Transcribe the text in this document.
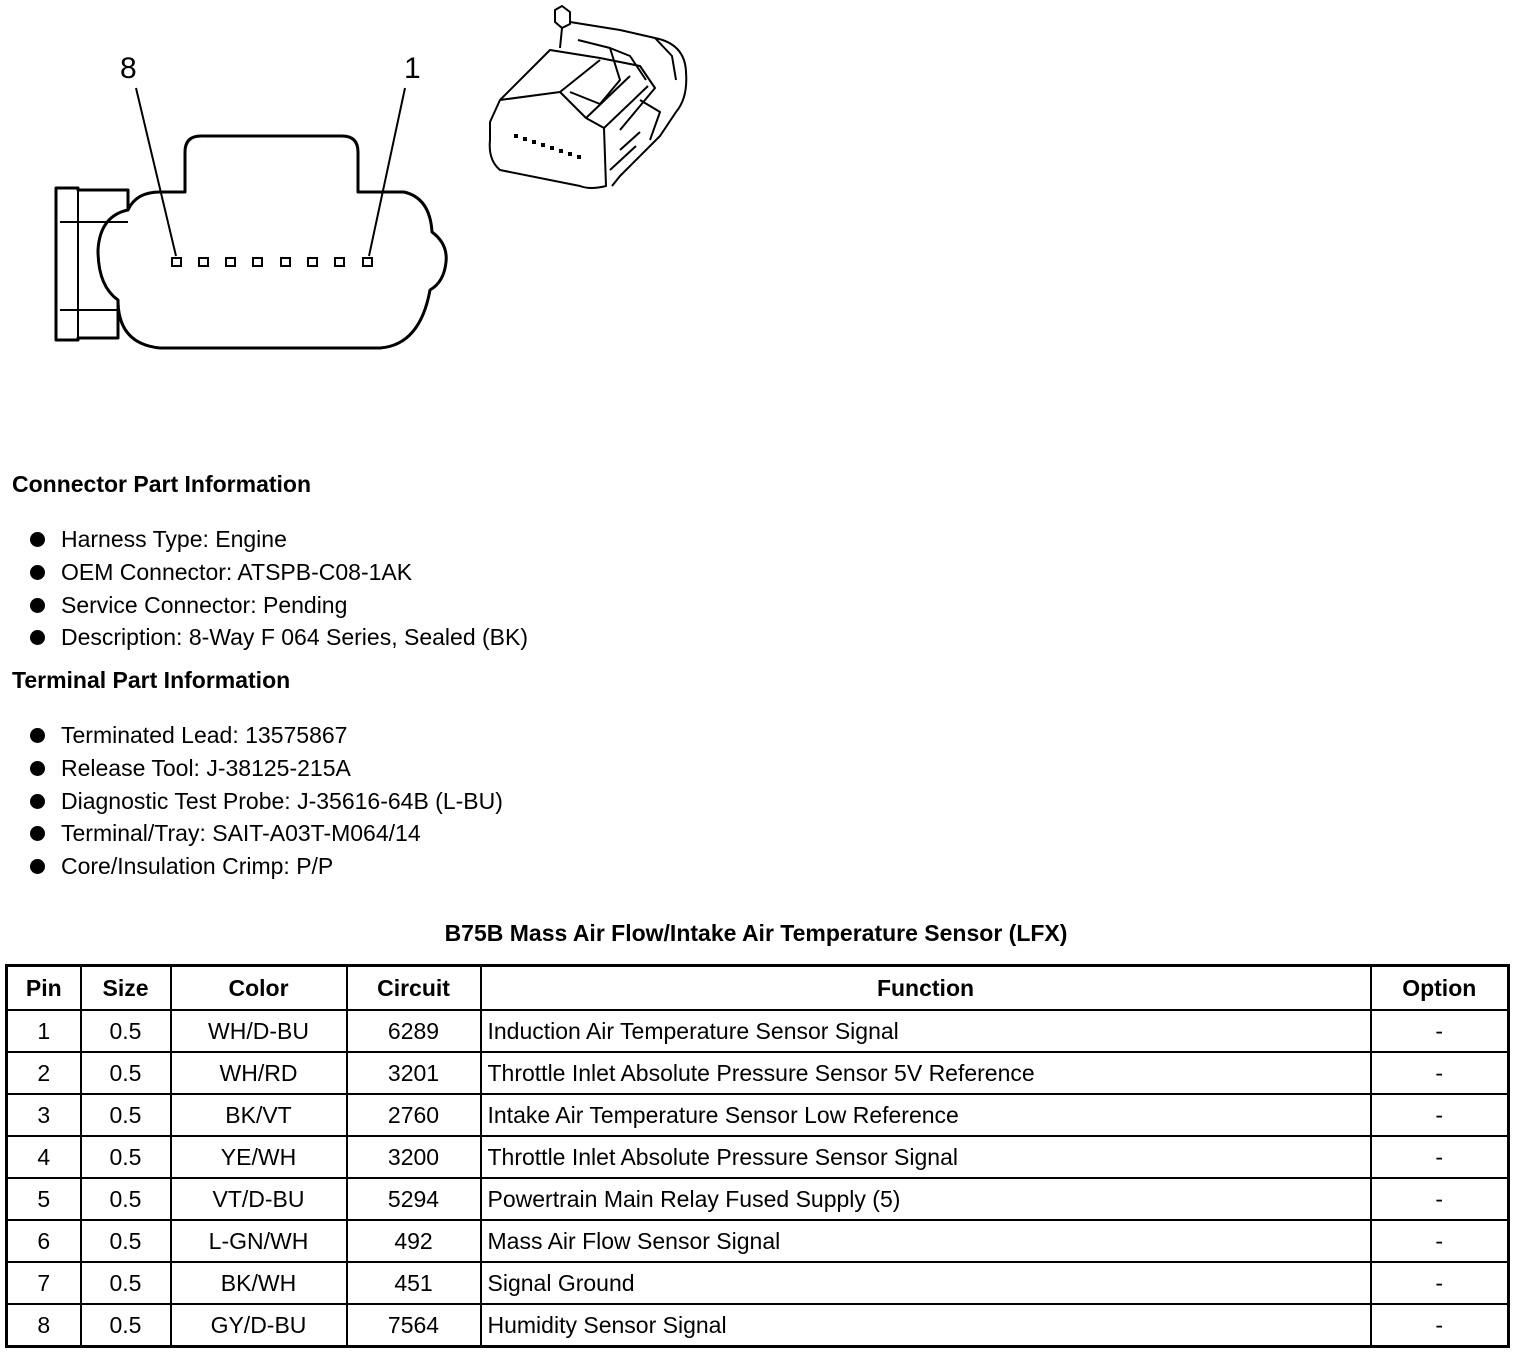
8	1
Connector Part Information
Harness Type: Engine
OEM Connector: ATSPB-C08-1AK
Service Connector: Pending
Description: 8-Way F 064 Series, Sealed (BK)
Terminal Part Information
Terminated Lead: 13575867
Release Tool: J-38125-215A
Diagnostic Test Probe: J-35616-64B (L-BU)
Terminal/Tray: SAIT-A03T-M064/14
Core/Insulation Crimp: P/P
B75B Mass Air Flow/Intake Air Temperature Sensor (LFX)
Pin	Size	Color	Circuit	Function	Option
1	0.5	WH/D-BU	6289	Induction Air Temperature Sensor Signal	-
2	0.5	WH/RD	3201	Throttle Inlet Absolute Pressure Sensor 5V Reference	-
3	0.5	BK/VT	2760	Intake Air Temperature Sensor Low Reference	-
4	0.5	YE/WH	3200	Throttle Inlet Absolute Pressure Sensor Signal	-
5	0.5	VT/D-BU	5294	Powertrain Main Relay Fused Supply (5)	-
6	0.5	L-GN/WH	492	Mass Air Flow Sensor Signal	-
7	0.5	BK/WH	451	Signal Ground	-
8	0.5	GY/D-BU	7564	Humidity Sensor Signal	-
